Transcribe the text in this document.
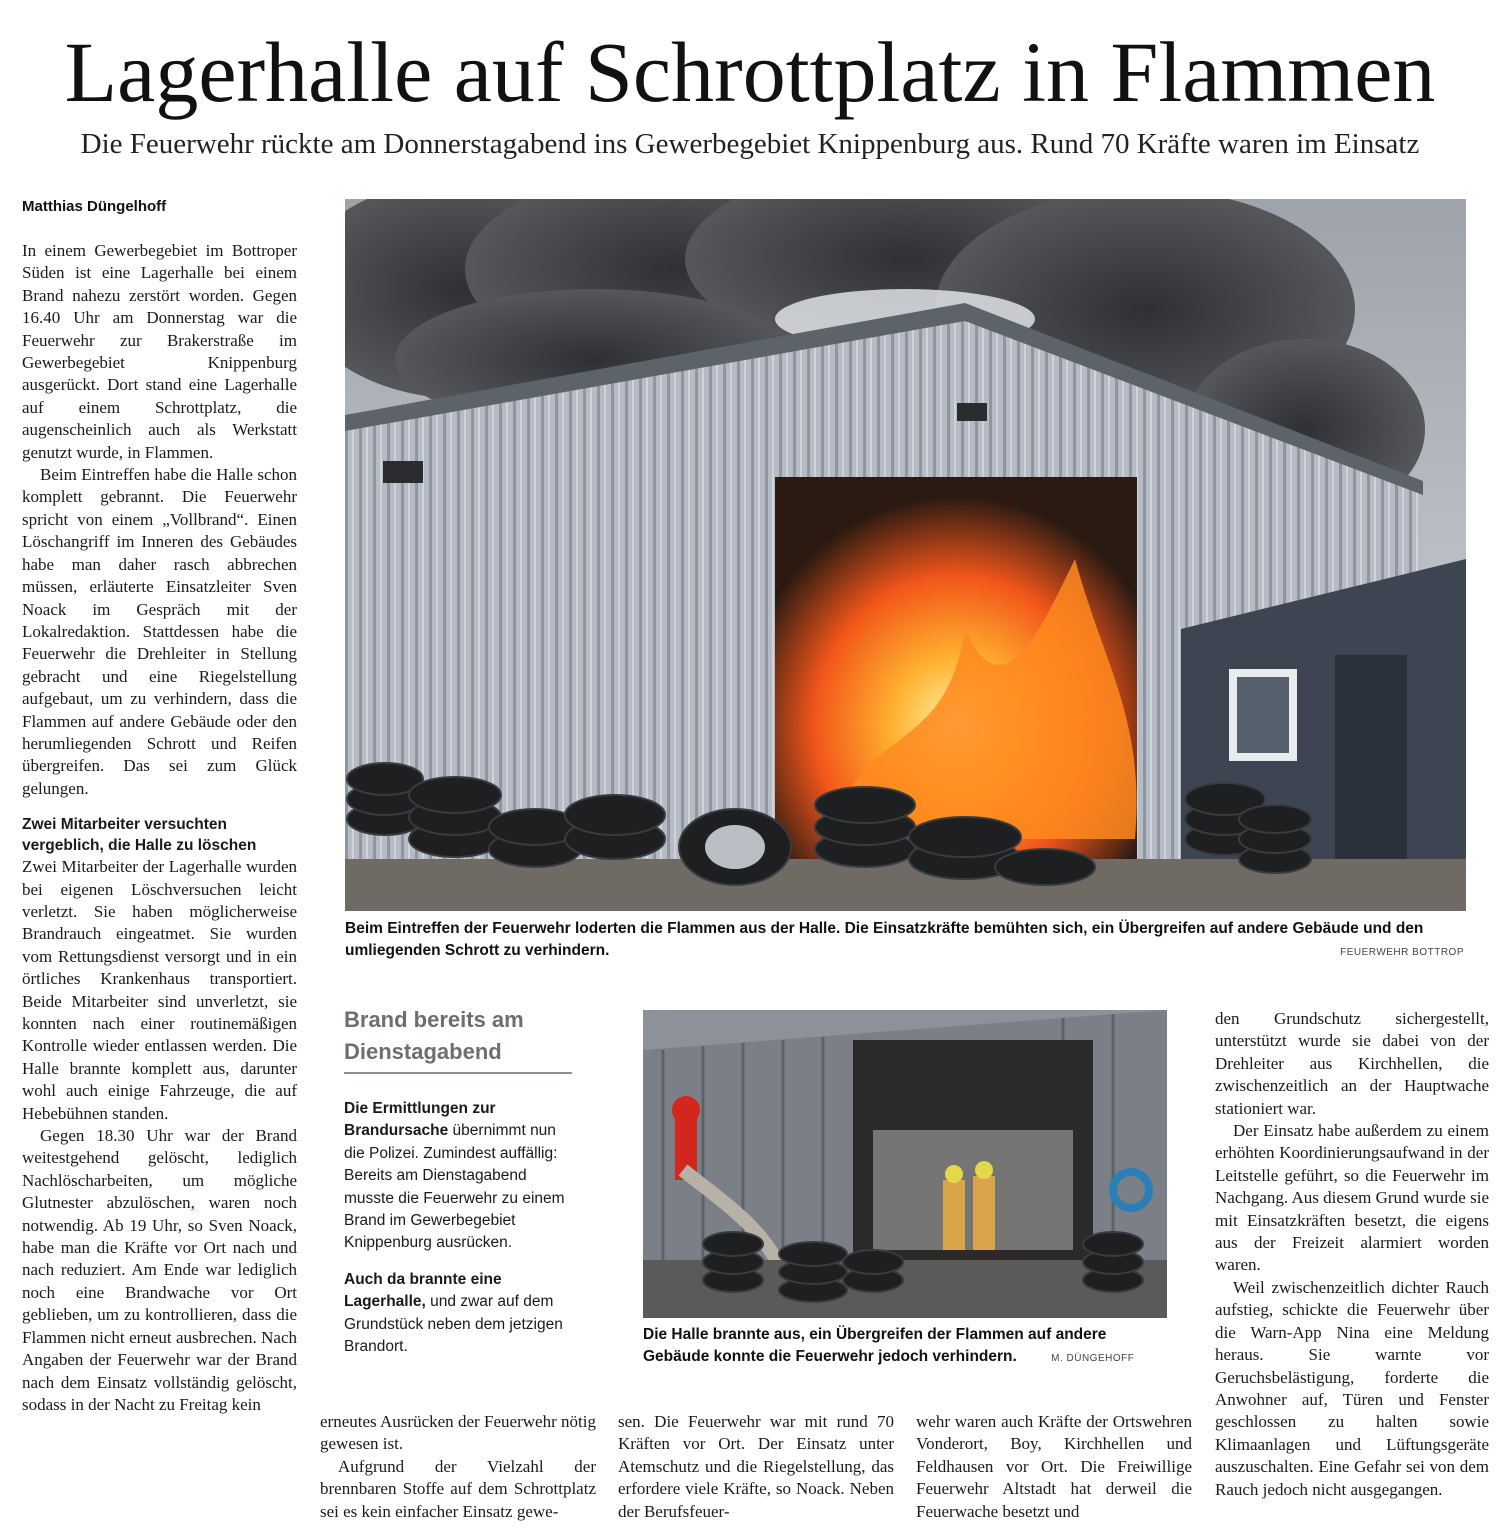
Lagerhalle auf Schrottplatz in Flammen
Die Feuerwehr rückte am Donnerstagabend ins Gewerbegebiet Knippenburg aus. Rund 70 Kräfte waren im Einsatz
Matthias Düngelhoff

In einem Gewerbegebiet im Bottroper Süden ist eine Lagerhalle bei einem Brand nahezu zerstört worden. Gegen 16.40 Uhr am Donnerstag war die Feuerwehr zur Brakerstraße im Gewerbegebiet Knippenburg ausgerückt. Dort stand eine Lagerhalle auf einem Schrottplatz, die augenscheinlich auch als Werkstatt genutzt wurde, in Flammen.

Beim Eintreffen habe die Halle schon komplett gebrannt. Die Feuerwehr spricht von einem „Vollbrand“. Einen Löschangriff im Inneren des Gebäudes habe man daher rasch abbrechen müssen, erläuterte Einsatzleiter Sven Noack im Gespräch mit der Lokalredaktion. Stattdessen habe die Feuerwehr die Drehleiter in Stellung gebracht und eine Riegelstellung aufgebaut, um zu verhindern, dass die Flammen auf andere Gebäude oder den herumliegenden Schrott und Reifen übergreifen. Das sei zum Glück gelungen.

Zwei Mitarbeiter versuchten vergeblich, die Halle zu löschen

Zwei Mitarbeiter der Lagerhalle wurden bei eigenen Löschversuchen leicht verletzt. Sie haben möglicherweise Brandrauch eingeatmet. Sie wurden vom Rettungsdienst versorgt und in ein örtliches Krankenhaus transportiert. Beide Mitarbeiter sind unverletzt, sie konnten nach einer routinemäßigen Kontrolle wieder entlassen werden. Die Halle brannte komplett aus, darunter wohl auch einige Fahrzeuge, die auf Hebebühnen standen.

Gegen 18.30 Uhr war der Brand weitestgehend gelöscht, lediglich Nachlöscharbeiten, um mögliche Glutnester abzulöschen, waren noch notwendig. Ab 19 Uhr, so Sven Noack, habe man die Kräfte vor Ort nach und nach reduziert. Am Ende war lediglich noch eine Brandwache vor Ort geblieben, um zu kontrollieren, dass die Flammen nicht erneut ausbrechen. Nach Angaben der Feuerwehr war der Brand nach dem Einsatz vollständig gelöscht, sodass in der Nacht zu Freitag kein

Beim Eintreffen der Feuerwehr loderten die Flammen aus der Halle. Die Einsatzkräfte bemühten sich, ein Übergreifen auf andere Gebäude und den umliegenden Schrott zu verhindern.	FEUERWEHR BOTTROP
Brand bereits am Dienstagabend

Die Ermittlungen zur Brandursache übernimmt nun die Polizei. Zumindest auffällig: Bereits am Dienstagabend musste die Feuerwehr zu einem Brand im Gewerbegebiet Knippenburg ausrücken.

Auch da brannte eine Lagerhalle, und zwar auf dem Grundstück neben dem jetzigen Brandort.

Die Halle brannte aus, ein Übergreifen der Flammen auf andere Gebäude konnte die Feuerwehr jedoch verhindern.	M. DÜNGEHOFF

den Grundschutz sichergestellt, unterstützt wurde sie dabei von der Drehleiter aus Kirchhellen, die zwischenzeitlich an der Hauptwache stationiert war.

Der Einsatz habe außerdem zu einem erhöhten Koordinierungsaufwand in der Leitstelle geführt, so die Feuerwehr im Nachgang. Aus diesem Grund wurde sie mit Einsatzkräften besetzt, die eigens aus der Freizeit alarmiert worden waren.

Weil zwischenzeitlich dichter Rauch aufstieg, schickte die Feuerwehr über die Warn-App Nina eine Meldung heraus. Sie warnte vor Geruchsbelästigung, forderte die Anwohner auf, Türen und Fenster geschlossen zu halten sowie Klimaanlagen und Lüftungsgeräte auszuschalten. Eine Gefahr sei von dem Rauch jedoch nicht ausgegangen.

erneutes Ausrücken der Feuerwehr nötig gewesen ist.

Aufgrund der Vielzahl der brennbaren Stoffe auf dem Schrottplatz sei es kein einfacher Einsatz gewe-

sen. Die Feuerwehr war mit rund 70 Kräften vor Ort. Der Einsatz unter Atemschutz und die Riegelstellung, das erfordere viele Kräfte, so Noack. Neben der Berufsfeuer-

wehr waren auch Kräfte der Ortswehren Vonderort, Boy, Kirchhellen und Feldhausen vor Ort. Die Freiwillige Feuerwehr Altstadt hat derweil die Feuerwache besetzt und
